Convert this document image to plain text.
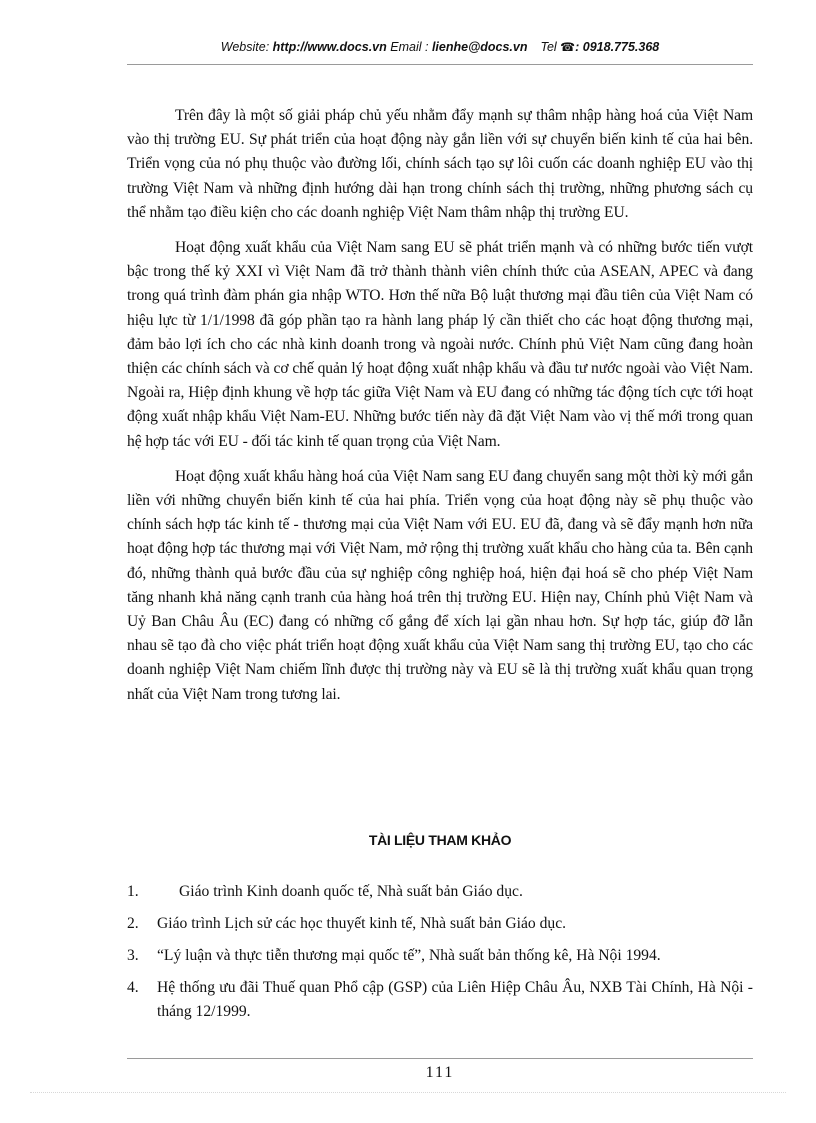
Website: http://www.docs.vn Email : lienhe@docs.vn Tel ☎: 0918.775.368

Trên đây là một số giải pháp chủ yếu nhằm đẩy mạnh sự thâm nhập hàng hoá của Việt Nam vào thị trường EU. Sự phát triển của hoạt động này gắn liền với sự chuyển biến kinh tế của hai bên. Triển vọng của nó phụ thuộc vào đường lối, chính sách tạo sự lôi cuốn các doanh nghiệp EU vào thị trường Việt Nam và những định hướng dài hạn trong chính sách thị trường, những phương sách cụ thể nhằm tạo điều kiện cho các doanh nghiệp Việt Nam thâm nhập thị trường EU.

Hoạt động xuất khẩu của Việt Nam sang EU sẽ phát triển mạnh và có những bước tiến vượt bậc trong thế kỷ XXI vì Việt Nam đã trở thành thành viên chính thức của ASEAN, APEC và đang trong quá trình đàm phán gia nhập WTO. Hơn thế nữa Bộ luật thương mại đầu tiên của Việt Nam có hiệu lực từ 1/1/1998 đã góp phần tạo ra hành lang pháp lý cần thiết cho các hoạt động thương mại, đảm bảo lợi ích cho các nhà kinh doanh trong và ngoài nước. Chính phủ Việt Nam cũng đang hoàn thiện các chính sách và cơ chế quản lý hoạt động xuất nhập khẩu và đầu tư nước ngoài vào Việt Nam. Ngoài ra, Hiệp định khung về hợp tác giữa Việt Nam và EU đang có những tác động tích cực tới hoạt động xuất nhập khẩu Việt Nam-EU. Những bước tiến này đã đặt Việt Nam vào vị thế mới trong quan hệ hợp tác với EU - đối tác kinh tế quan trọng của Việt Nam.

Hoạt động xuất khẩu hàng hoá của Việt Nam sang EU đang chuyển sang một thời kỳ mới gắn liền với những chuyển biến kinh tế của hai phía. Triển vọng của hoạt động này sẽ phụ thuộc vào chính sách hợp tác kinh tế - thương mại của Việt Nam với EU. EU đã, đang và sẽ đẩy mạnh hơn nữa hoạt động hợp tác thương mại với Việt Nam, mở rộng thị trường xuất khẩu cho hàng của ta. Bên cạnh đó, những thành quả bước đầu của sự nghiệp công nghiệp hoá, hiện đại hoá sẽ cho phép Việt Nam tăng nhanh khả năng cạnh tranh của hàng hoá trên thị trường EU. Hiện nay, Chính phủ Việt Nam và Uỷ Ban Châu Âu (EC) đang có những cố gắng để xích lại gần nhau hơn. Sự hợp tác, giúp đỡ lẫn nhau sẽ tạo đà cho việc phát triển hoạt động xuất khẩu của Việt Nam sang thị trường EU, tạo cho các doanh nghiệp Việt Nam chiếm lĩnh được thị trường này và EU sẽ là thị trường xuất khẩu quan trọng nhất của Việt Nam trong tương lai.

TÀI LIỆU THAM KHẢO
1.	Giáo trình Kinh doanh quốc tế, Nhà suất bản Giáo dục.
2.	Giáo trình Lịch sử các học thuyết kinh tế, Nhà suất bản Giáo dục.
3.	“Lý luận và thực tiễn thương mại quốc tế”, Nhà suất bản thống kê, Hà Nội 1994.
4.	Hệ thống ưu đãi Thuế quan Phổ cập (GSP) của Liên Hiệp Châu Âu, NXB Tài Chính, Hà Nội - tháng 12/1999.
111
